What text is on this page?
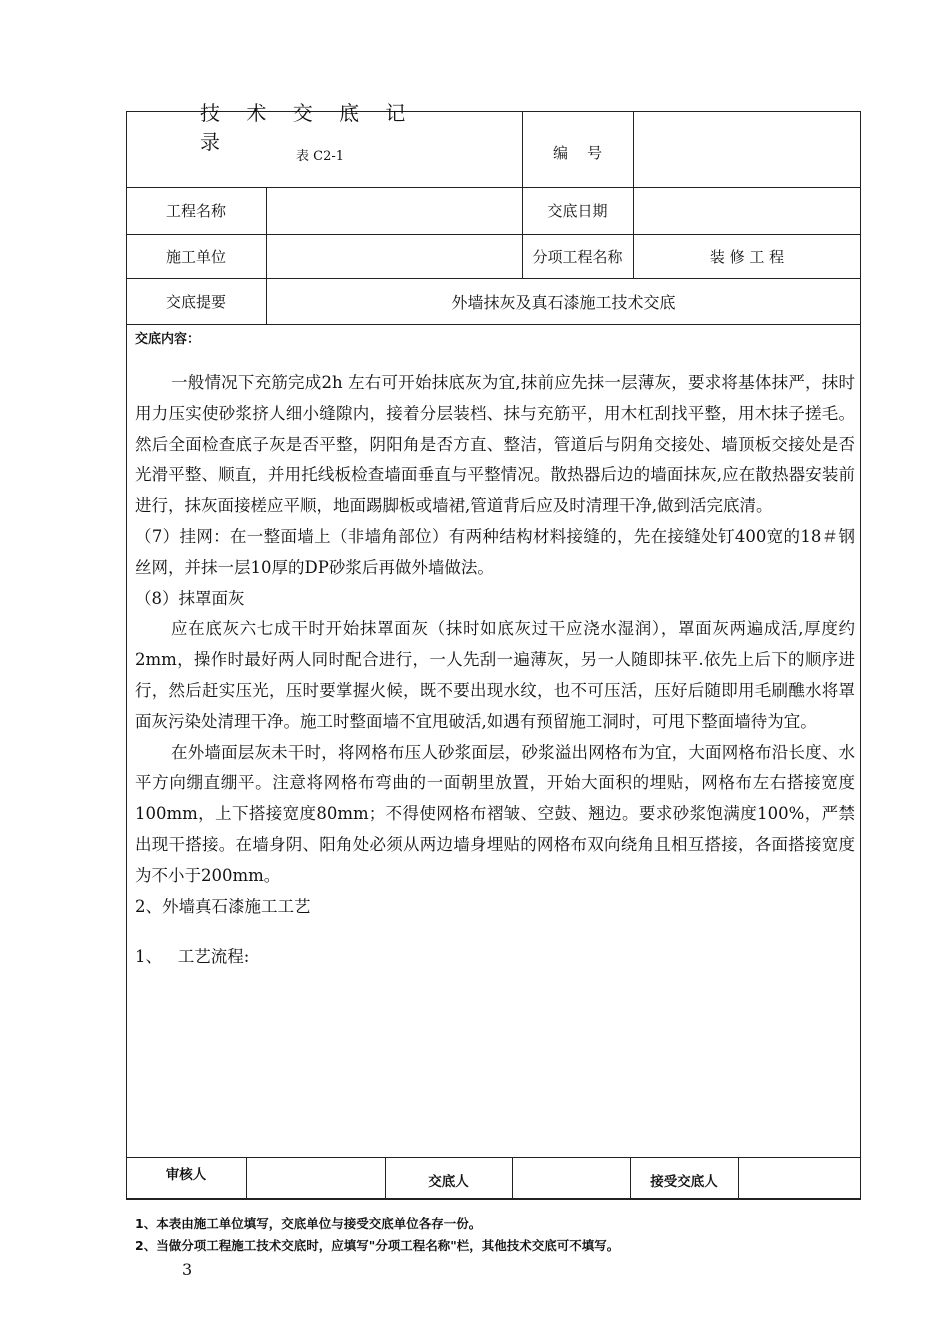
技 术 交 底 记 录
表 C2-1	编    号
工程名称	交底日期
施工单位	分项工程名称	装 修 工 程
交底提要	外墙抹灰及真石漆施工技术交底
交底内容：

一般情况下充筋完成2h 左右可开始抹底灰为宜,抹前应先抹一层薄灰，要求将基体抹严，抹时用力压实使砂浆挤人细小缝隙内，接着分层装档、抹与充筋平，用木杠刮找平整，用木抹子搓毛。然后全面检查底子灰是否平整，阴阳角是否方直、整洁，管道后与阴角交接处、墙顶板交接处是否光滑平整、顺直，并用托线板检查墙面垂直与平整情况。散热器后边的墙面抹灰,应在散热器安装前进行，抹灰面接槎应平顺，地面踢脚板或墙裙,管道背后应及时清理干净,做到活完底清。

（7）挂网：在一整面墙上（非墙角部位）有两种结构材料接缝的，先在接缝处钉400宽的18＃钢丝网，并抹一层10厚的DP砂浆后再做外墙做法。

（8）抹罩面灰

应在底灰六七成干时开始抹罩面灰（抹时如底灰过干应浇水湿润），罩面灰两遍成活,厚度约2mm，操作时最好两人同时配合进行，一人先刮一遍薄灰，另一人随即抹平.依先上后下的顺序进行，然后赶实压光，压时要掌握火候，既不要出现水纹，也不可压活，压好后随即用毛刷醮水将罩面灰污染处清理干净。施工时整面墙不宜甩破活,如遇有预留施工洞时，可甩下整面墙待为宜。

在外墙面层灰未干时，将网格布压人砂浆面层，砂浆溢出网格布为宜，大面网格布沿长度、水平方向绷直绷平。注意将网格布弯曲的一面朝里放置，开始大面积的埋贴，网格布左右搭接宽度100mm，上下搭接宽度80mm；不得使网格布褶皱、空鼓、翘边。要求砂浆饱满度100%，严禁出现干搭接。在墙身阴、阳角处必须从两边墙身埋贴的网格布双向绕角且相互搭接，各面搭接宽度为不小于200mm。

2、外墙真石漆施工工艺

1、   工艺流程:

审核人	交底人	接受交底人
1、本表由施工单位填写，交底单位与接受交底单位各存一份。
2、当做分项工程施工技术交底时，应填写"分项工程名称"栏，其他技术交底可不填写。
3
